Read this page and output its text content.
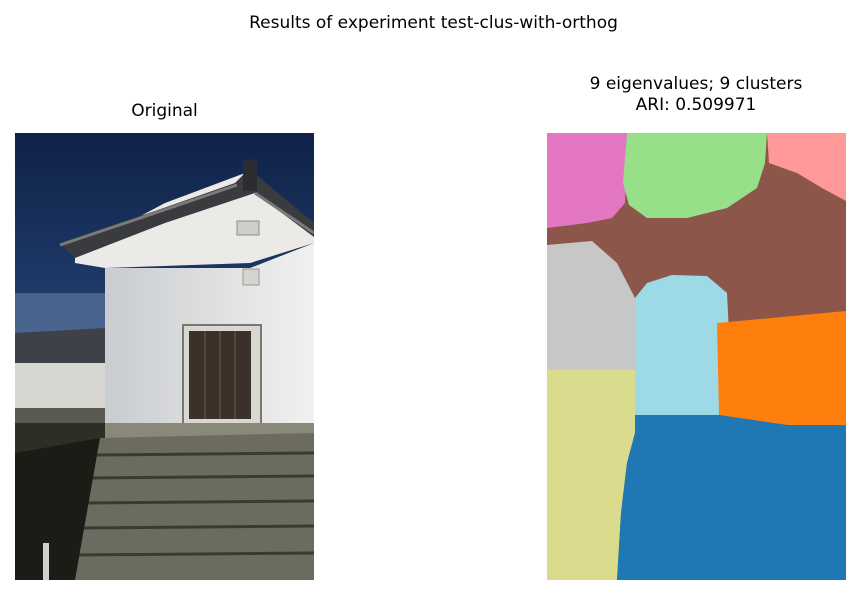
Results of experiment test-clus-with-orthog
Original
9 eigenvalues; 9 clusters
ARI: 0.509971
